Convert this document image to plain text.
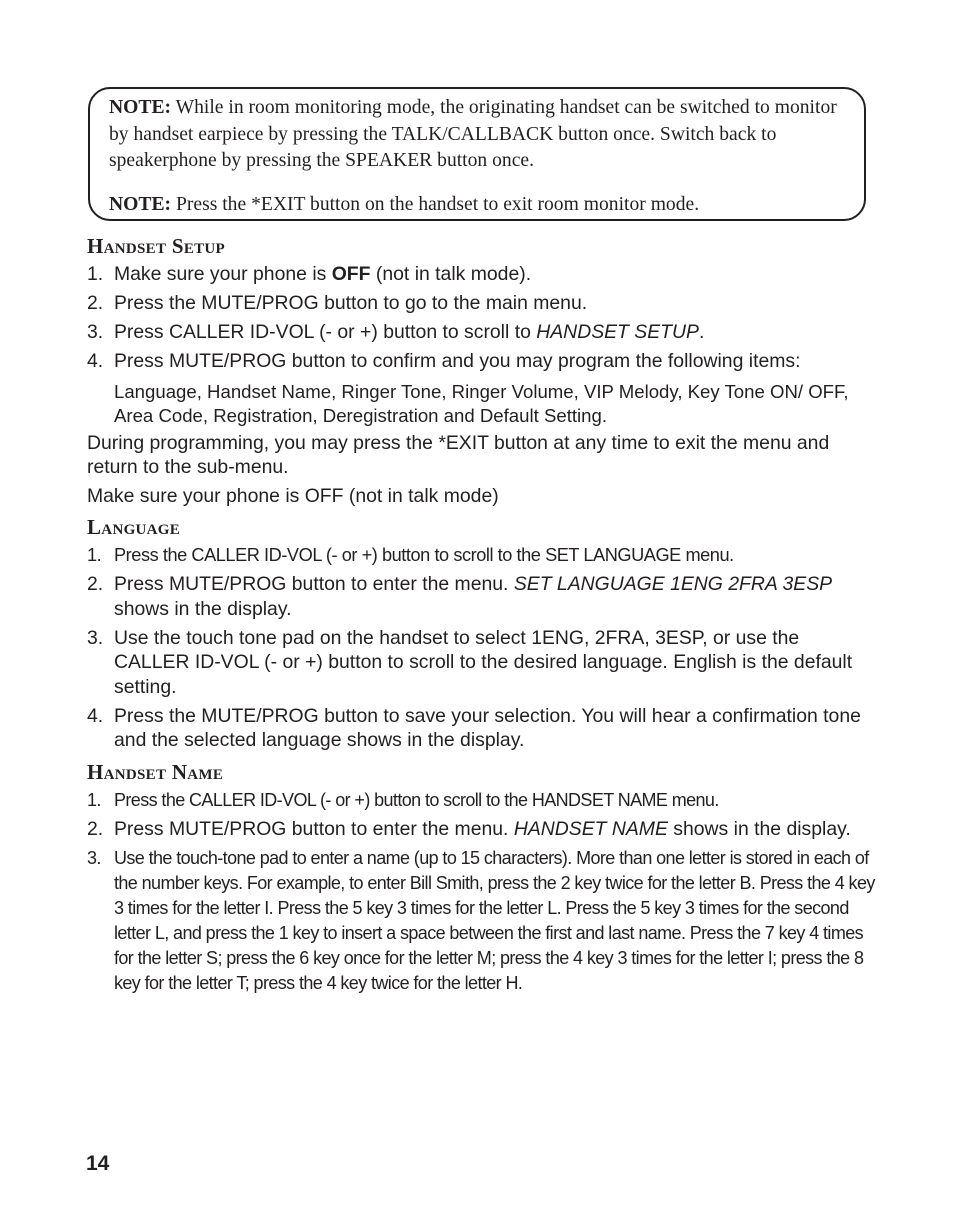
NOTE: While in room monitoring mode, the originating handset can be switched to monitor by handset earpiece by pressing the TALK/CALLBACK button once. Switch back to speakerphone by pressing the SPEAKER button once.

NOTE: Press the *EXIT button on the handset to exit room monitor mode.

Handset Setup
1. Make sure your phone is OFF (not in talk mode).
2. Press the MUTE/PROG button to go to the main menu.
3. Press CALLER ID-VOL (- or +) button to scroll to HANDSET SETUP.
4. Press MUTE/PROG button to confirm and you may program the following items:
Language, Handset Name, Ringer Tone, Ringer Volume, VIP Melody, Key Tone ON/ OFF, Area Code, Registration, Deregistration and Default Setting.

During programming, you may press the *EXIT button at any time to exit the menu and return to the sub-menu.

Make sure your phone is OFF (not in talk mode)

Language
1. Press the CALLER ID-VOL (- or +) button to scroll to the SET LANGUAGE menu.
2. Press MUTE/PROG button to enter the menu. SET LANGUAGE 1ENG 2FRA 3ESP shows in the display.
3. Use the touch tone pad on the handset to select 1ENG, 2FRA, 3ESP, or use the CALLER ID-VOL (- or +) button to scroll to the desired language. English is the default setting.
4. Press the MUTE/PROG button to save your selection. You will hear a confirmation tone and the selected language shows in the display.
Handset Name
1. Press the CALLER ID-VOL (- or +) button to scroll to the HANDSET NAME menu.
2. Press MUTE/PROG button to enter the menu. HANDSET NAME shows in the display.
3. Use the touch-tone pad to enter a name (up to 15 characters). More than one letter is stored in each of the number keys. For example, to enter Bill Smith, press the 2 key twice for the letter B. Press the 4 key 3 times for the letter I. Press the 5 key 3 times for the letter L. Press the 5 key 3 times for the second letter L, and press the 1 key to insert a space between the first and last name. Press the 7 key 4 times for the letter S; press the 6 key once for the letter M; press the 4 key 3 times for the letter I; press the 8 key for the letter T; press the 4 key twice for the letter H.
14
